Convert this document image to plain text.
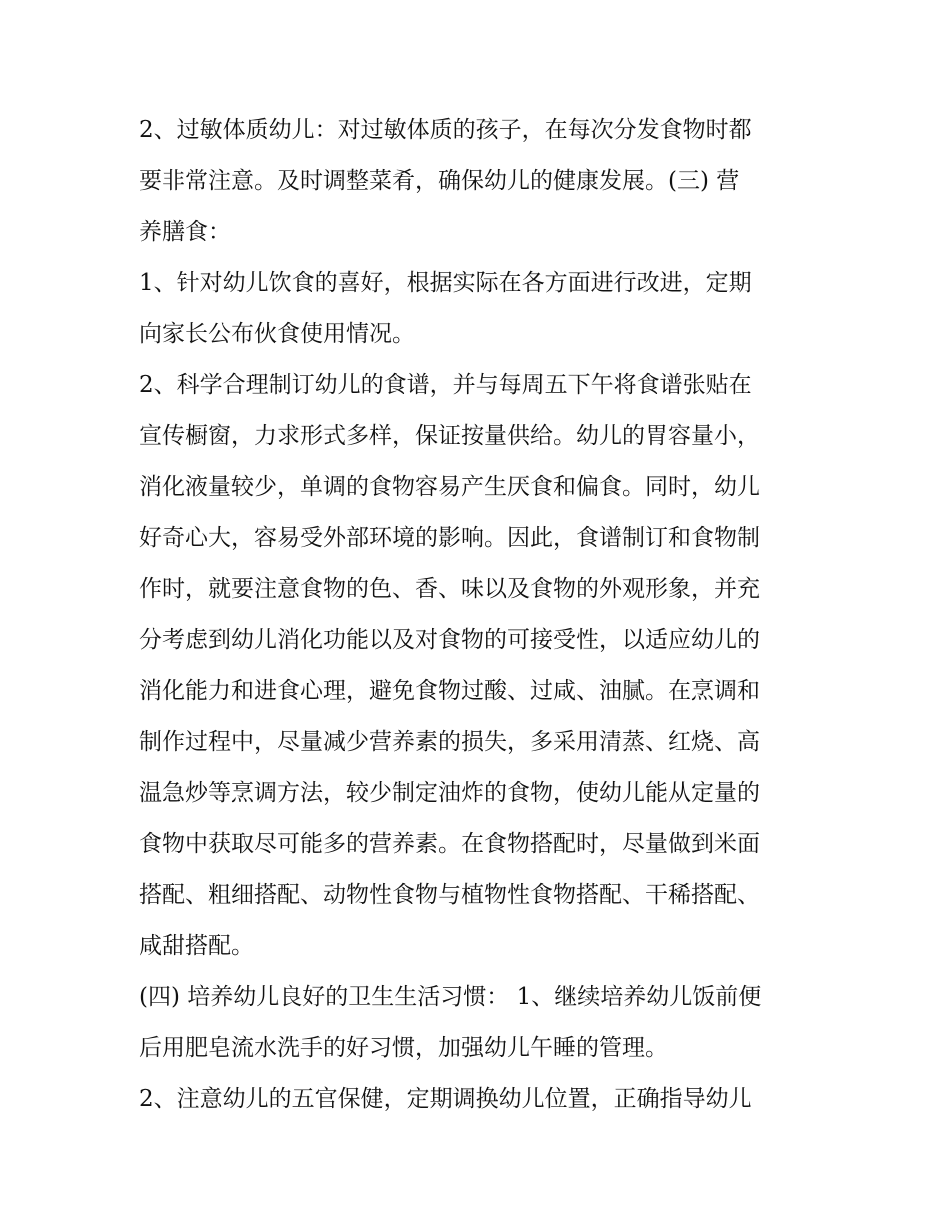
2、过敏体质幼儿：对过敏体质的孩子，在每次分发食物时都
要非常注意。及时调整菜肴，确保幼儿的健康发展。(三) 营
养膳食：
1、针对幼儿饮食的喜好，根据实际在各方面进行改进，定期
向家长公布伙食使用情况。
2、科学合理制订幼儿的食谱，并与每周五下午将食谱张贴在
宣传橱窗，力求形式多样，保证按量供给。幼儿的胃容量小，
消化液量较少，单调的食物容易产生厌食和偏食。同时，幼儿
好奇心大，容易受外部环境的影响。因此，食谱制订和食物制
作时，就要注意食物的色、香、味以及食物的外观形象，并充
分考虑到幼儿消化功能以及对食物的可接受性，以适应幼儿的
消化能力和进食心理，避免食物过酸、过咸、油腻。在烹调和
制作过程中，尽量减少营养素的损失，多采用清蒸、红烧、高
温急炒等烹调方法，较少制定油炸的食物，使幼儿能从定量的
食物中获取尽可能多的营养素。在食物搭配时，尽量做到米面
搭配、粗细搭配、动物性食物与植物性食物搭配、干稀搭配、
咸甜搭配。
(四) 培养幼儿良好的卫生生活习惯： 1、继续培养幼儿饭前便
后用肥皂流水洗手的好习惯，加强幼儿午睡的管理。
2、注意幼儿的五官保健，定期调换幼儿位置，正确指导幼儿
